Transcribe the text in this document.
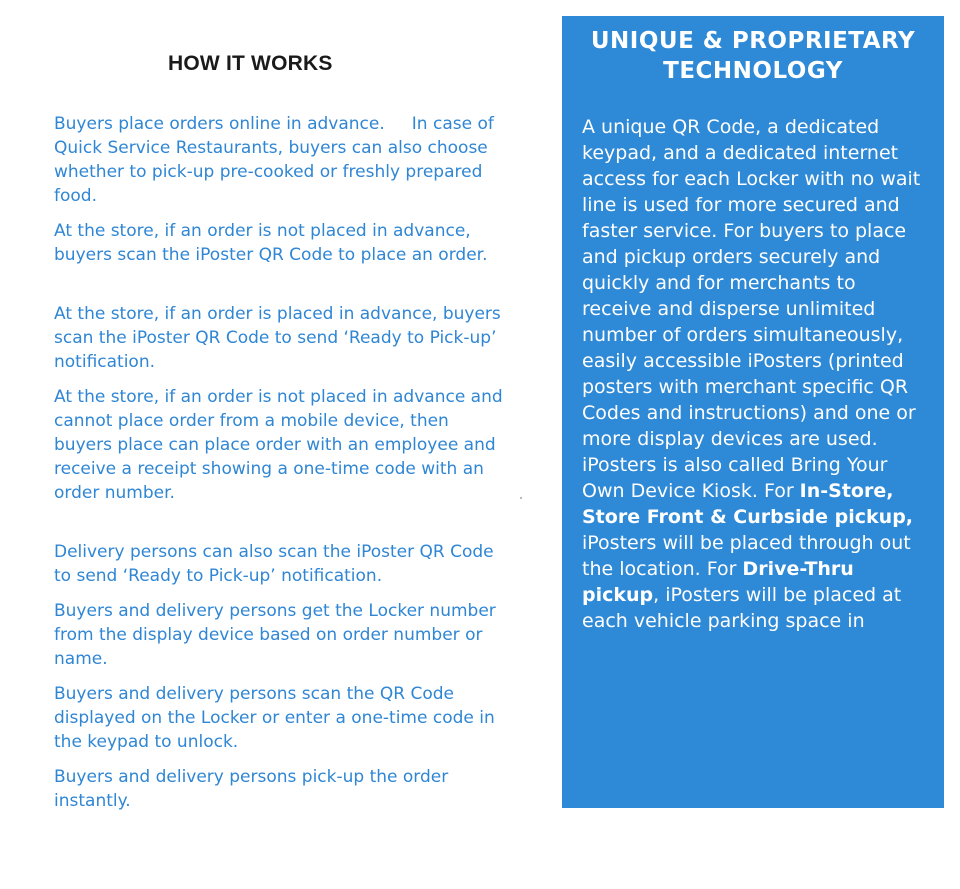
HOW IT WORKS

Buyers place orders online in advance.     In case of Quick Service Restaurants, buyers can also choose whether to pick-up pre-cooked or freshly prepared food.

At the store, if an order is not placed in advance, buyers scan the iPoster QR Code to place an order.

At the store, if an order is placed in advance, buyers scan the iPoster QR Code to send ‘Ready to Pick-up’ notification.

At the store, if an order is not placed in advance and cannot place order from a mobile device, then buyers place can place order with an employee and receive a receipt showing a one-time code with an order number.

Delivery persons can also scan the iPoster QR Code to send ‘Ready to Pick-up’ notification.

Buyers and delivery persons get the Locker number from the display device based on order number or name.

Buyers and delivery persons scan the QR Code displayed on the Locker or enter a one-time code in the keypad to unlock.

Buyers and delivery persons pick-up the order instantly.

UNIQUE & PROPRIETARY TECHNOLOGY
A unique QR Code, a dedicated keypad, and a dedicated internet access for each Locker with no wait line is used for more secured and faster service. For buyers to place and pickup orders securely and quickly and for merchants to receive and disperse unlimited number of orders simultaneously, easily accessible iPosters (printed posters with merchant specific QR Codes and instructions) and one or more display devices are used. iPosters is also called Bring Your Own Device Kiosk. For In-Store, Store Front & Curbside pickup, iPosters will be placed through out the location. For Drive-Thru pickup, iPosters will be placed at each vehicle parking space in
